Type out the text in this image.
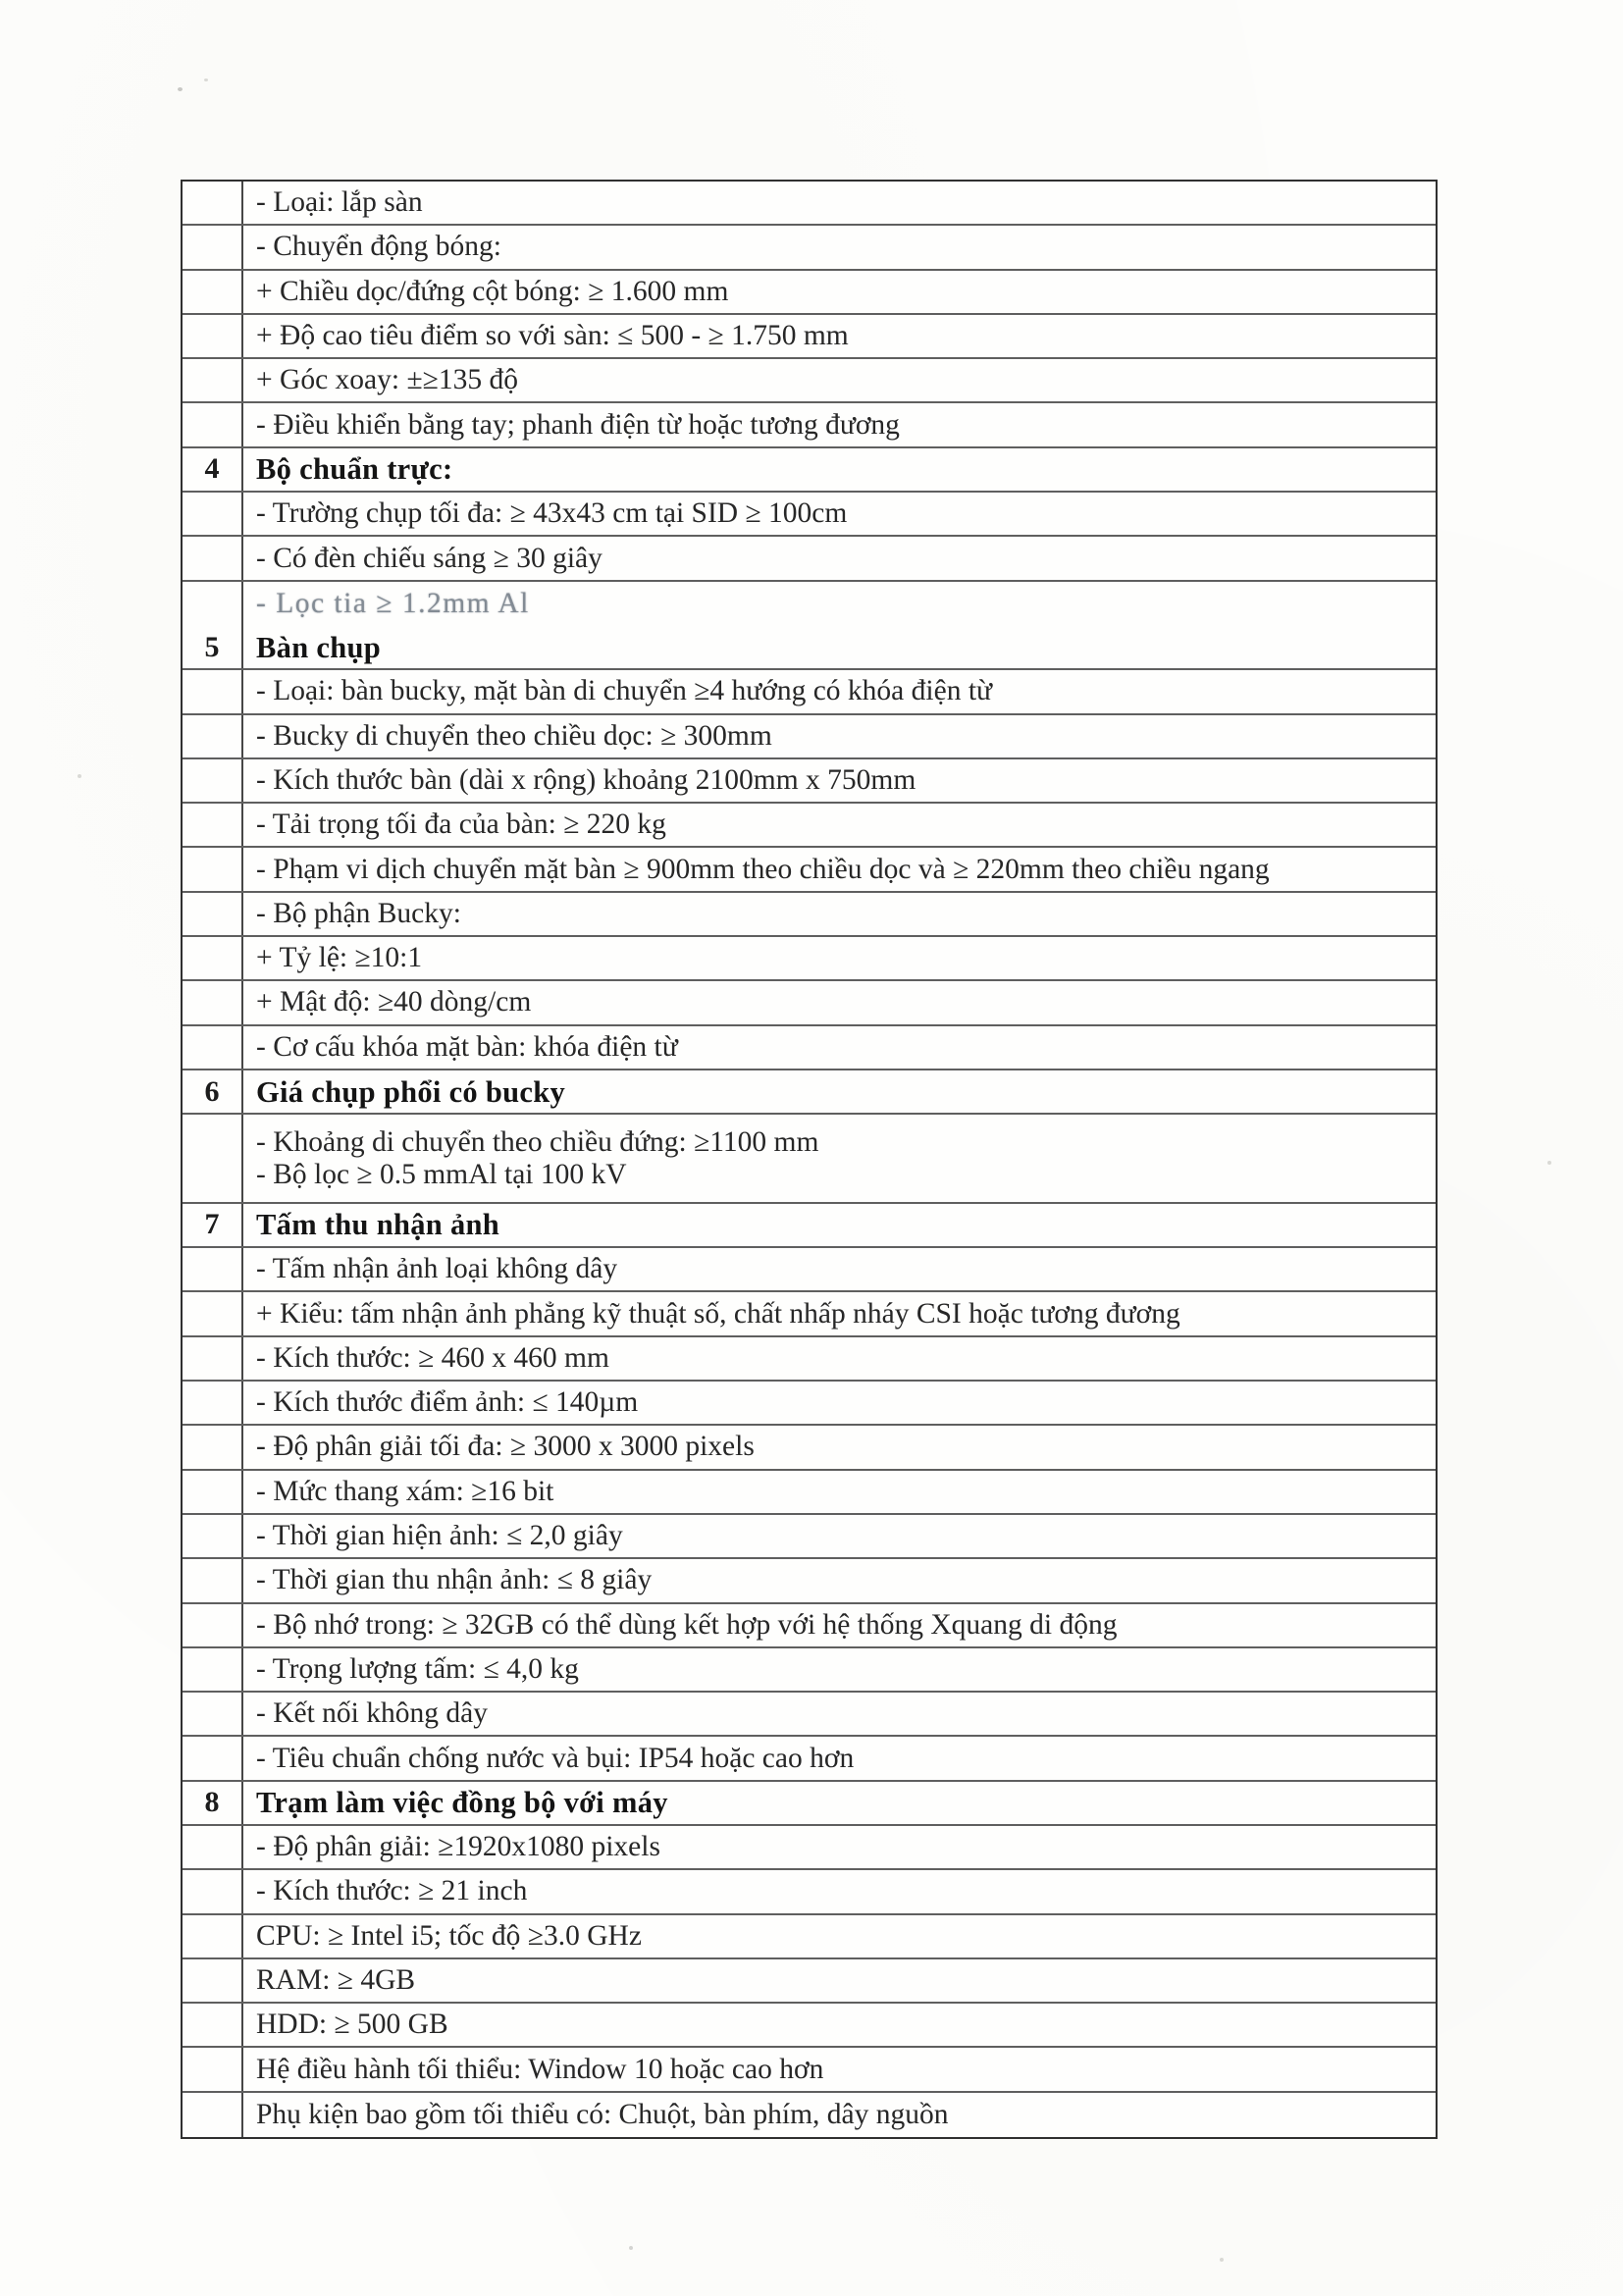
- Loại: lắp sàn
- Chuyển động bóng:
+ Chiều dọc/đứng cột bóng: ≥ 1.600 mm
+ Độ cao tiêu điểm so với sàn: ≤ 500 - ≥ 1.750 mm
+ Góc xoay: ±≥135 độ
- Điều khiển bằng tay; phanh điện từ hoặc tương đương
4	Bộ chuẩn trực:
- Trường chụp tối đa: ≥ 43x43 cm tại SID ≥ 100cm
- Có đèn chiếu sáng ≥ 30 giây
- Lọc tia ≥ 1.2mm Al
5	Bàn chụp
- Loại: bàn bucky, mặt bàn di chuyển ≥4 hướng có khóa điện từ
- Bucky di chuyển theo chiều dọc: ≥ 300mm
- Kích thước bàn (dài x rộng) khoảng 2100mm x 750mm
- Tải trọng tối đa của bàn: ≥ 220 kg
- Phạm vi dịch chuyển mặt bàn ≥ 900mm theo chiều dọc và ≥ 220mm theo chiều ngang
- Bộ phận Bucky:
+ Tỷ lệ: ≥10:1
+ Mật độ: ≥40 dòng/cm
- Cơ cấu khóa mặt bàn: khóa điện từ
6	Giá chụp phổi có bucky
- Khoảng di chuyển theo chiều đứng: ≥1100 mm
- Bộ lọc ≥ 0.5 mmAl tại 100 kV
7	Tấm thu nhận ảnh
- Tấm nhận ảnh loại không dây
+ Kiểu: tấm nhận ảnh phẳng kỹ thuật số, chất nhấp nháy CSI hoặc tương đương
- Kích thước: ≥ 460 x 460 mm
- Kích thước điểm ảnh: ≤ 140µm
- Độ phân giải tối đa: ≥ 3000 x 3000 pixels
- Mức thang xám: ≥16 bit
- Thời gian hiện ảnh: ≤ 2,0 giây
- Thời gian thu nhận ảnh: ≤ 8 giây
- Bộ nhớ trong: ≥ 32GB có thể dùng kết hợp với hệ thống Xquang di động
- Trọng lượng tấm: ≤ 4,0 kg
- Kết nối không dây
- Tiêu chuẩn chống nước và bụi: IP54 hoặc cao hơn
8	Trạm làm việc đồng bộ với máy
- Độ phân giải: ≥1920x1080 pixels
- Kích thước: ≥ 21 inch
CPU: ≥ Intel i5; tốc độ ≥3.0 GHz
RAM: ≥ 4GB
HDD: ≥ 500 GB
Hệ điều hành tối thiểu: Window 10 hoặc cao hơn
Phụ kiện bao gồm tối thiểu có: Chuột, bàn phím, dây nguồn
